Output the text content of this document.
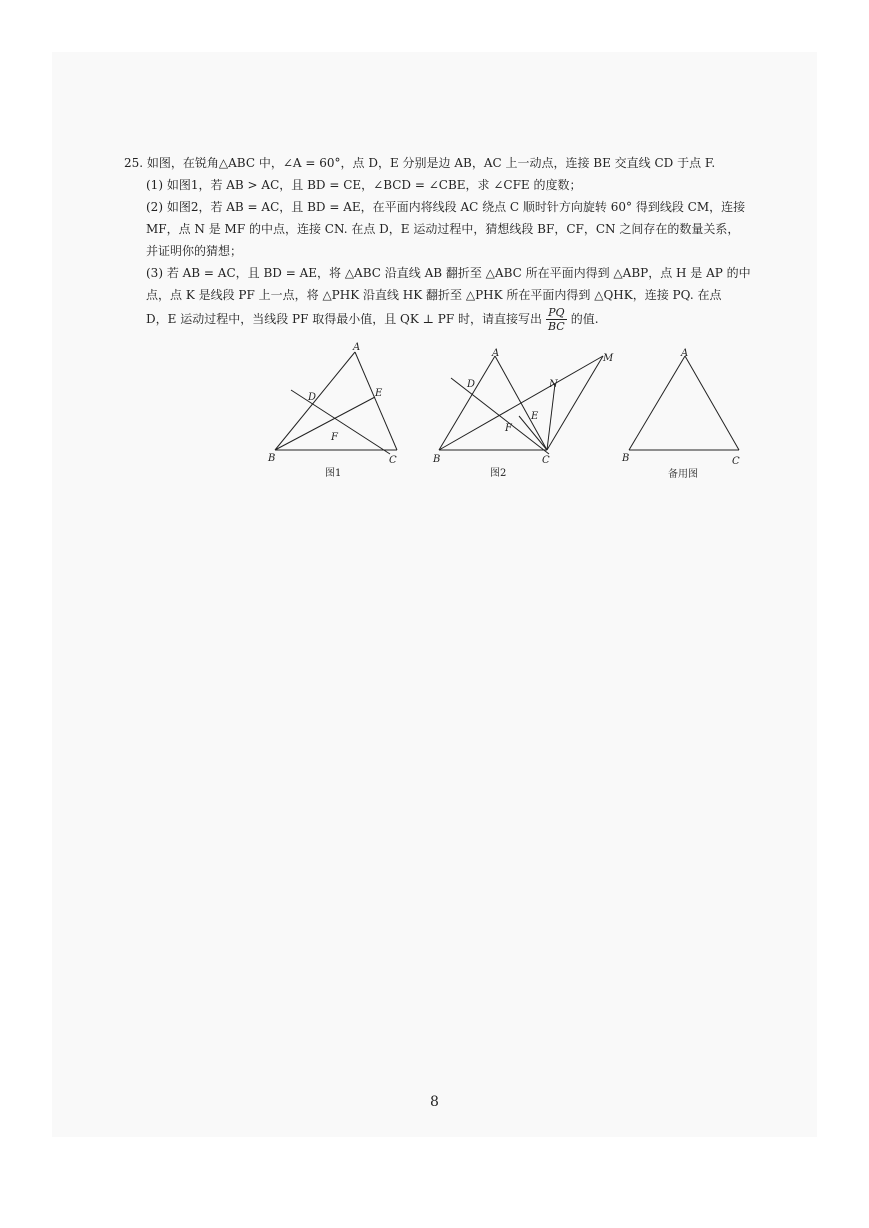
25. 如图，在锐角△ABC 中，∠A = 60°，点 D，E 分别是边 AB，AC 上一动点，连接 BE 交直线 CD 于点 F.
(1) 如图1，若 AB > AC，且 BD = CE，∠BCD = ∠CBE，求 ∠CFE 的度数；
(2) 如图2，若 AB = AC，且 BD = AE，在平面内将线段 AC 绕点 C 顺时针方向旋转 60° 得到线段 CM，连接
MF，点 N 是 MF 的中点，连接 CN. 在点 D，E 运动过程中，猜想线段 BF，CF，CN 之间存在的数量关系，
并证明你的猜想；
(3) 若 AB = AC，且 BD = AE，将 △ABC 沿直线 AB 翻折至 △ABC 所在平面内得到 △ABP，点 H 是 AP 的中
点，点 K 是线段 PF 上一点，将 △PHK 沿直线 HK 翻折至 △PHK 所在平面内得到 △QHK，连接 PQ. 在点
D，E 运动过程中，当线段 PF 取得最小值，且 QK ⊥ PF 时，请直接写出 $\frac{PQ}{BC}$ 的值.
A
B	C
D	E
F
图1
A
B	C
D
E
F
M
N
图2
A
B	C
备用图
8
